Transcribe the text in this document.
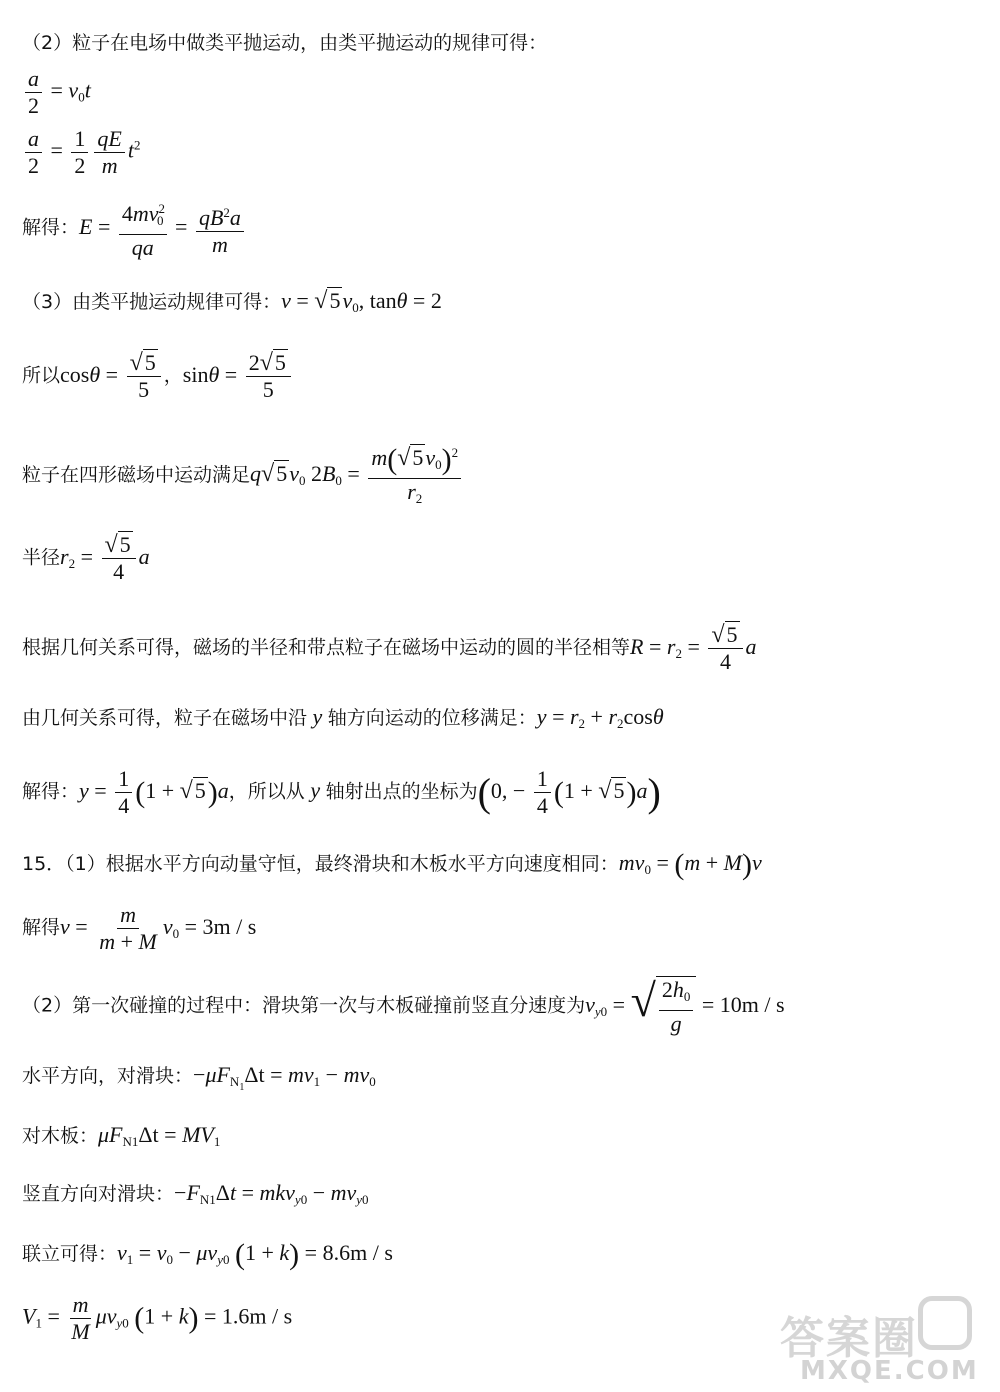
（2）粒子在电场中做类平抛运动，由类平抛运动的规律可得：
$\frac{a}{2} = v_0t$
$\frac{a}{2} = \frac{1}{2} \frac{qE}{m} t^2$
解得：$E = \frac{4mv^2_0}{qa} = \frac{qB^2a}{m}$
（3）由类平抛运动规律可得：$v = √5v_0$, tanθ = 2
所以$\cos\theta = \frac{√5}{5}$ ，$\sin\theta = \frac{2√5}{5}$
粒子在四形磁场中运动满足$q√5v_0$ $2B_0 = \frac{m(√5v_0)^2}{r_2}$
半径$r_2 = \frac{√5}{4}$ a
根据几何关系可得，磁场的半径和带点粒子在磁场中运动的圆的半径相等$R = r_2 = \frac{√5}{4}$ a
由几何关系可得，粒子在磁场中沿 y 轴方向运动的位移满足：$y = r_2 + r_2\cos\theta$
解得：$y = \frac{1}{4} (1 + √5)a$，所以从 y 轴射出点的坐标为(0, − $\frac{1}{4} (1 + √5)a$)
15．（1）根据水平方向动量守恒，最终滑块和木板水平方向速度相同：$mv_0 = (m + M)v$
解得$v = \frac{m}{m + M} v_0 = 3m / s$
（2）第一次碰撞的过程中：滑块第一次与木板碰撞前竖直分速度为$v_{y0}$ = √ $\frac{2h_0}{g} = 10m / s$
水平方向，对滑块：$-\mu F_{N_1}\Delta t = mv_1 - mv_0$
对木板：$\mu F_{N1}\Delta t = MV_1$
竖直方向对滑块：$-F_{N1}\Delta t = mkv_{y0} - mv_{y0}$
联立可得：$v_1 = v_0 - \mu v_{y0}$ (1 + k) = 8.6m / s
$V_1 = \frac{m}{M} \mu v_{y0}$ (1 + k) = 1.6m / s	答案圈
MXQE.COM
